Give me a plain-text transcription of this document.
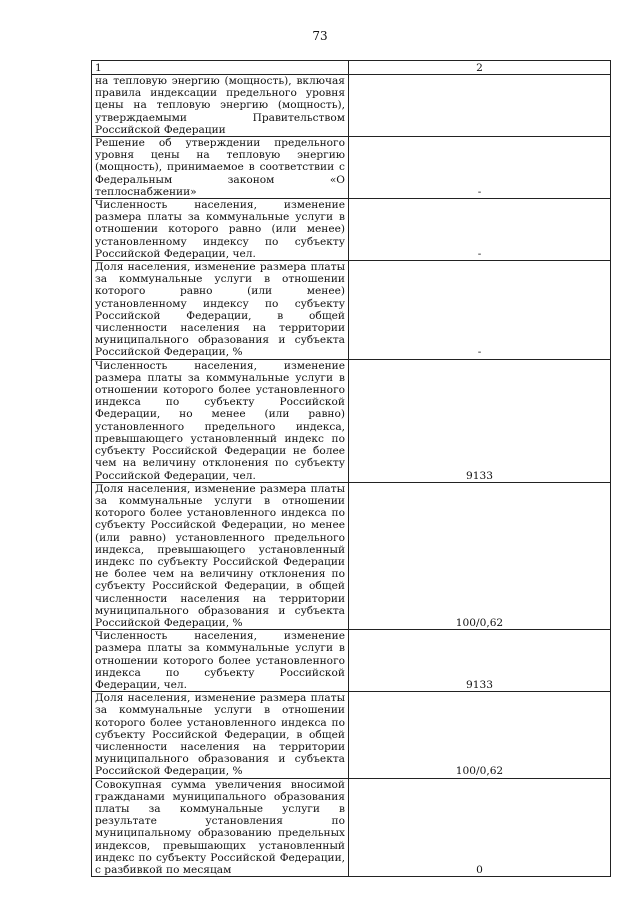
73
1	2
на тепловую энергию (мощность), включая правила индексации предельного уровня цены на тепловую энергию (мощность), утверждаемыми Правительством Российской Федерации	
Решение об утверждении предельного уровня цены на тепловую энергию (мощность), принимаемое в соответствии с Федеральным законом «О теплоснабжении»	-
Численность населения, изменение размера платы за коммунальные услуги в отношении которого равно (или менее) установленному индексу по субъекту Российской Федерации, чел.	-
Доля населения, изменение размера платы за коммунальные услуги в отношении которого равно (или менее) установленному индексу по субъекту Российской Федерации, в общей численности населения на территории муниципального образования и субъекта Российской Федерации, %	-
Численность населения, изменение размера платы за коммунальные услуги в отношении которого более установленного индекса по субъекту Российской Федерации, но менее (или равно) установленного предельного индекса, превышающего установленный индекс по субъекту Российской Федерации не более чем на величину отклонения по субъекту Российской Федерации, чел.	9133
Доля населения, изменение размера платы за коммунальные услуги в отношении которого более установленного индекса по субъекту Российской Федерации, но менее (или равно) установленного предельного индекса, превышающего установленный индекс по субъекту Российской Федерации не более чем на величину отклонения по субъекту Российской Федерации, в общей численности населения на территории муниципального образования и субъекта Российской Федерации, %	100/0,62
Численность населения, изменение размера платы за коммунальные услуги в отношении которого более установленного индекса по субъекту Российской Федерации, чел.	9133
Доля населения, изменение размера платы за коммунальные услуги в отношении которого более установленного индекса по субъекту Российской Федерации, в общей численности населения на территории муниципального образования и субъекта Российской Федерации, %	100/0,62
Совокупная сумма увеличения вносимой гражданами муниципального образования платы за коммунальные услуги в результате установления по муниципальному образованию предельных индексов, превышающих установленный индекс по субъекту Российской Федерации, с разбивкой по месяцам	0
